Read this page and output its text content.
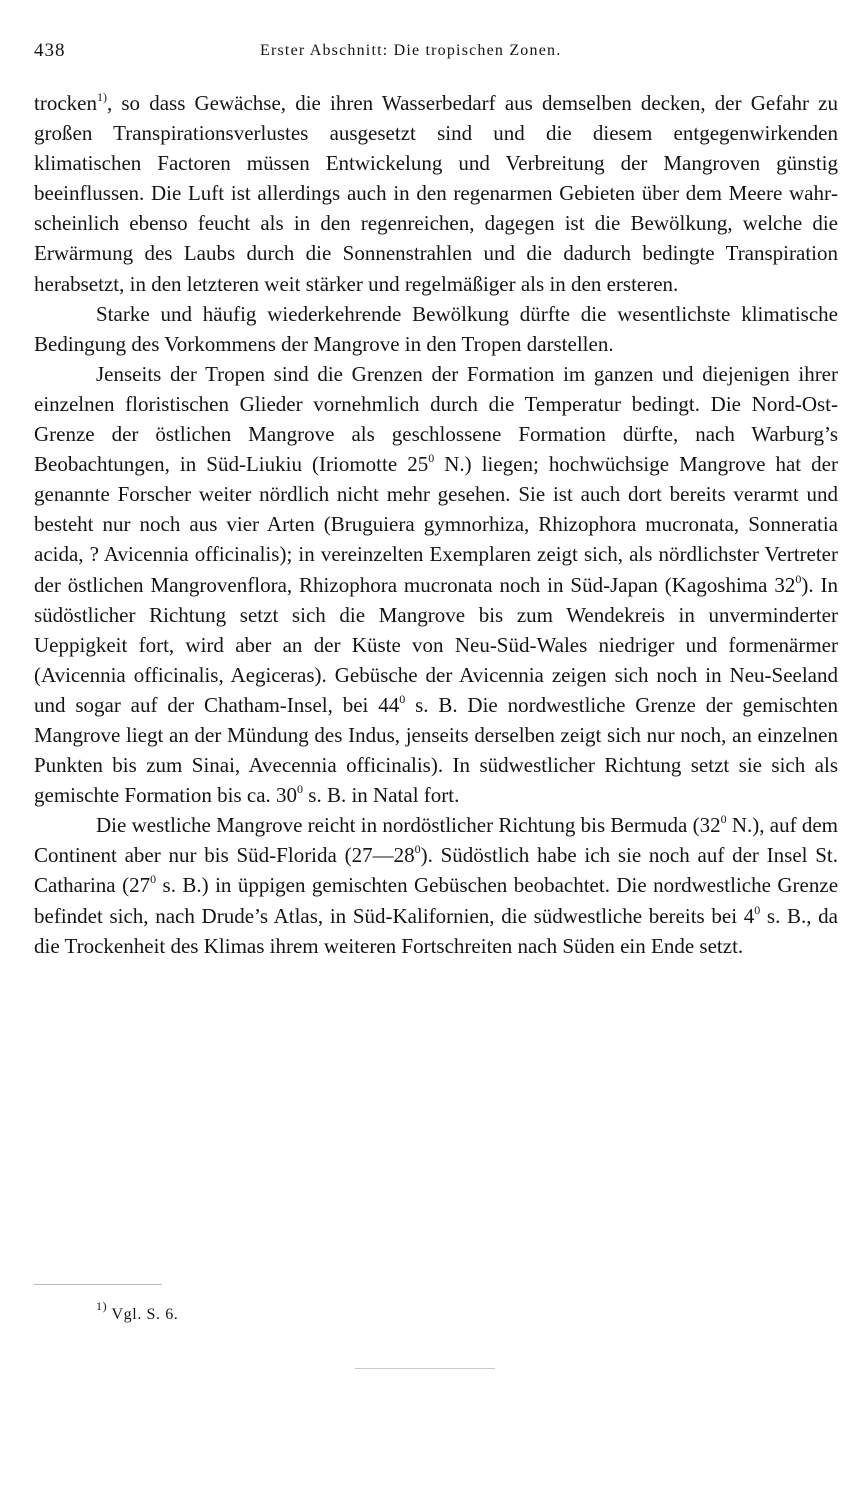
438	Erster Abschnitt: Die tropischen Zonen.

trocken$^{1)}$, so dass Gewächse, die ihren Wasserbedarf aus demselben decken, der Gefahr zu großen Transpirationsverlustes ausgesetzt sind und die diesem entgegenwirkenden klimatischen Factoren müssen Entwickelung und Verbreitung der Mangroven günstig beeinflussen. Die Luft ist allerdings auch in den regenarmen Gebieten über dem Meere wahrscheinlich ebenso feucht als in den regenreichen, dagegen ist die Bewölkung, welche die Erwärmung des Laubs durch die Sonnenstrahlen und die dadurch bedingte Transpiration herabsetzt, in den letzteren weit stärker und regelmäßiger als in den ersteren.

Starke und häufig wiederkehrende Bewölkung dürfte die wesentlichste klimatische Bedingung des Vorkommens der Mangrove in den Tropen darstellen.

Jenseits der Tropen sind die Grenzen der Formation im ganzen und diejenigen ihrer einzelnen floristischen Glieder vornehmlich durch die Temperatur bedingt. Die Nord-Ost-Grenze der östlichen Mangrove als geschlossene Formation dürfte, nach Warburg’s Beobachtungen, in Süd-Liukiu (Iriomotte $25^0$ N.) liegen; hochwüchsige Mangrove hat der genannte Forscher weiter nördlich nicht mehr gesehen. Sie ist auch dort bereits verarmt und besteht nur noch aus vier Arten (Bruguiera gymnorhiza, Rhizophora mucronata, Sonneratia acida, ? Avicennia officinalis); in vereinzelten Exemplaren zeigt sich, als nördlichster Vertreter der östlichen Mangrovenflora, Rhizophora mucronata noch in Süd-Japan (Kagoshima $32^0$). In südöstlicher Richtung setzt sich die Mangrove bis zum Wendekreis in unverminderter Ueppigkeit fort, wird aber an der Küste von Neu-Süd-Wales niedriger und formenärmer (Avicennia officinalis, Aegiceras). Gebüsche der Avicennia zeigen sich noch in Neu-Seeland und sogar auf der Chatham-Insel, bei $44^0$ s. B. Die nordwestliche Grenze der gemischten Mangrove liegt an der Mündung des Indus, jenseits derselben zeigt sich nur noch, an einzelnen Punkten bis zum Sinai, Avecennia officinalis). In südwestlicher Richtung setzt sie sich als gemischte Formation bis ca. $30^0$ s. B. in Natal fort.

Die westliche Mangrove reicht in nordöstlicher Richtung bis Bermuda ($32^0$ N.), auf dem Continent aber nur bis Süd-Florida $(27—28^0)$. Südöstlich habe ich sie noch auf der Insel St. Catharina ($27^0$ s. B.) in üppigen gemischten Gebüschen beobachtet. Die nordwestliche Grenze befindet sich, nach Drude’s Atlas, in Süd-Kalifornien, die südwestliche bereits bei $4^0$ s. B., da die Trockenheit des Klimas ihrem weiteren Fortschreiten nach Süden ein Ende setzt.

$^{1)}$ Vgl. S. 6.
